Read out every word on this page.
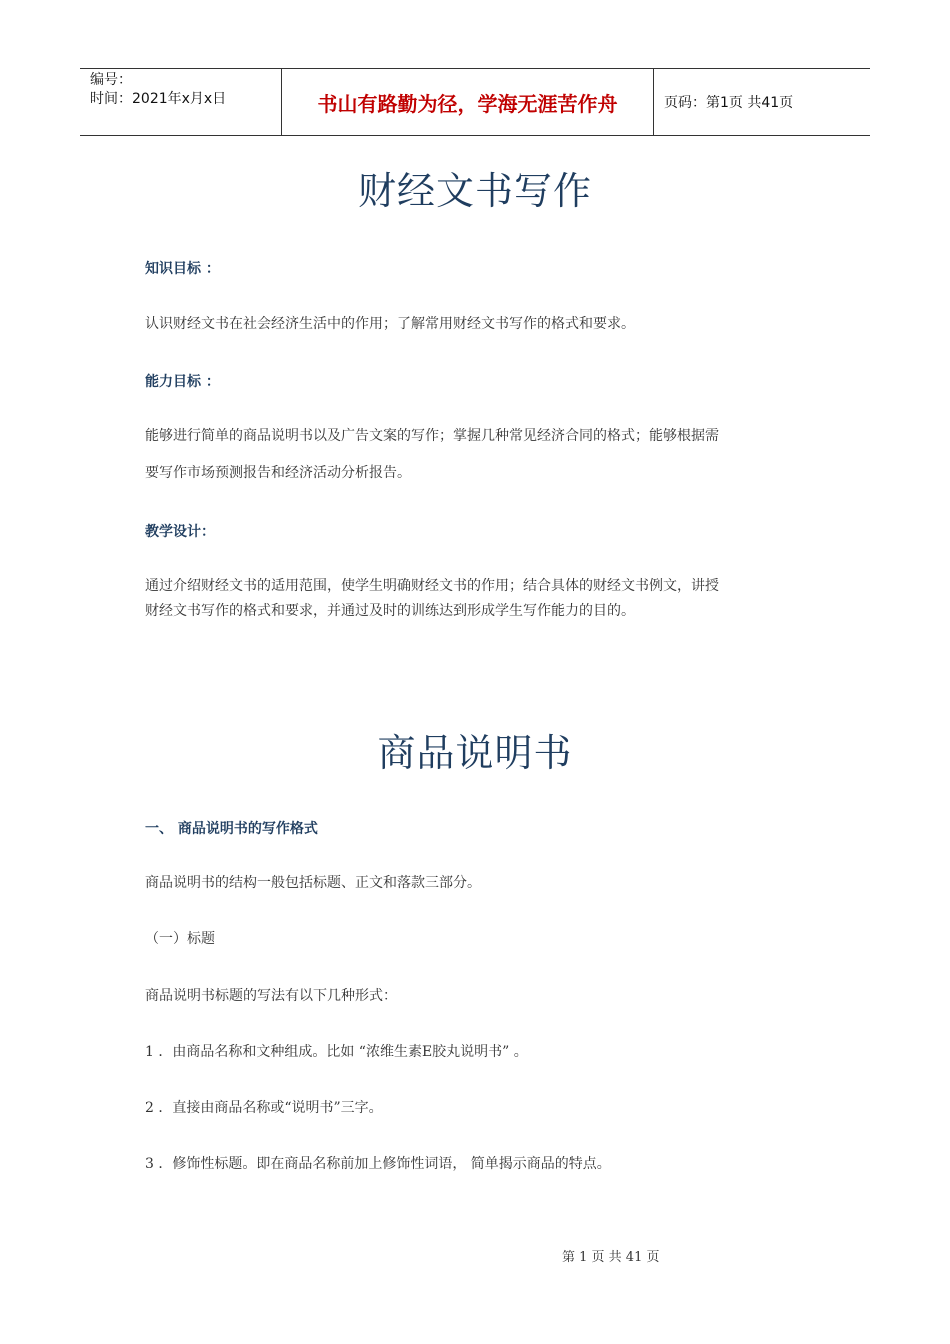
编号：
时间：2021年x月x日	书山有路勤为径，学海无涯苦作舟	页码：第1页 共41页
财经文书写作
知识目标 ：
认识财经文书在社会经济生活中的作用；了解常用财经文书写作的格式和要求。
能力目标 ：
能够进行简单的商品说明书以及广告文案的写作；掌握几种常见经济合同的格式；能够根据需
要写作市场预测报告和经济活动分析报告。
教学设计：
通过介绍财经文书的适用范围，使学生明确财经文书的作用；结合具体的财经文书例文，讲授
财经文书写作的格式和要求，并通过及时的训练达到形成学生写作能力的目的。
商品说明书
一、 商品说明书的写作格式
商品说明书的结构一般包括标题、正文和落款三部分。
（一）标题
商品说明书标题的写法有以下几种形式：
1 ．由商品名称和文种组成。比如 “浓维生素E胶丸说明书” 。
2 ．直接由商品名称或“说明书”三字。
3 ．修饰性标题。即在商品名称前加上修饰性词语， 简单揭示商品的特点。
第 1 页 共 41 页
